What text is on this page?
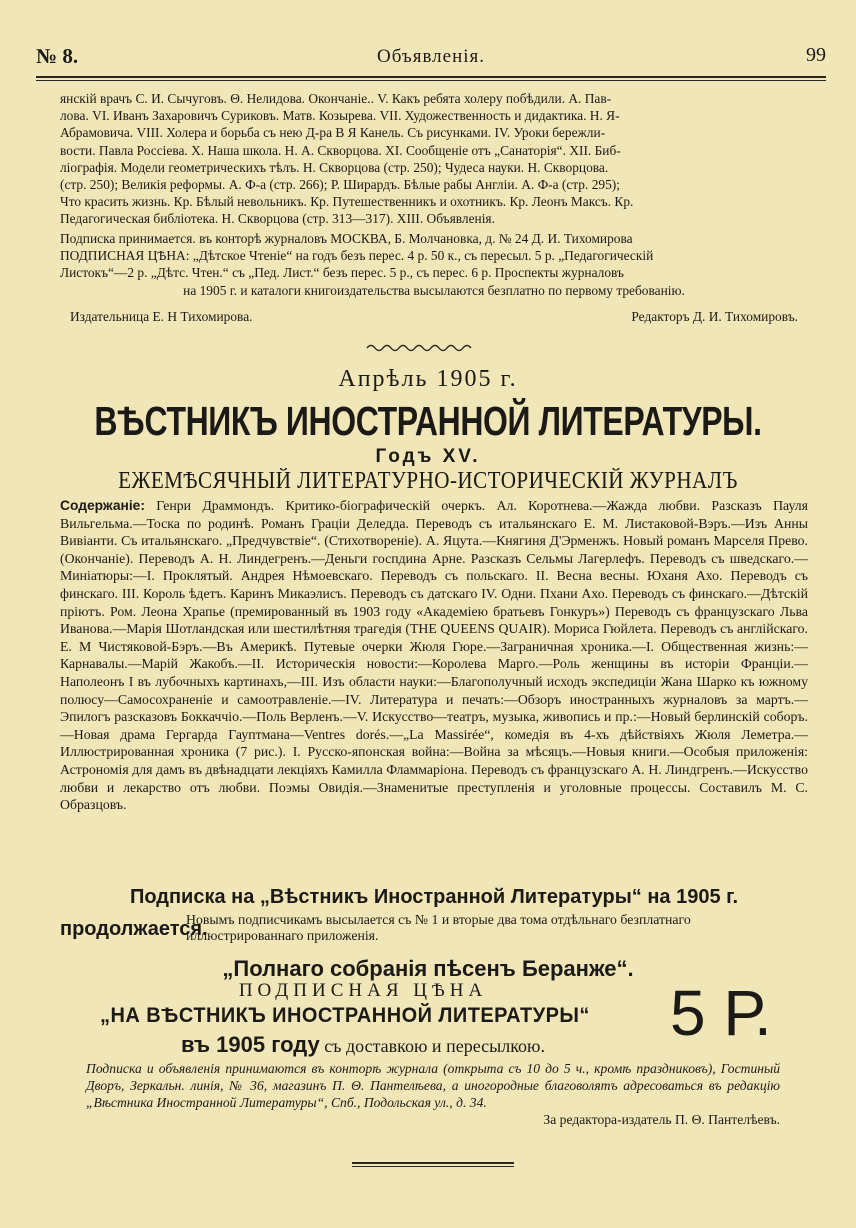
№ 8.	Объявленія.	99
янскій врачъ С. И. Сычуговъ. Θ. Нелидова. Окончаніе.. V. Какъ ребята холеру побѣдили. А. Пав-
лова. VI. Иванъ Захаровичъ Суриковъ. Матв. Козырева. VII. Художественность и дидактика. Н. Я-
Абрамовича. VIII. Холера и борьба съ нею Д-ра В Я Канель. Съ рисунками. IV. Уроки бережли-
вости. Павла Россіева. Х. Наша школа. Н. А. Скворцова. XI. Сообщеніе отъ „Санаторія“. XII. Биб-
ліографія. Модели геометрическихъ тѣлъ. Н. Скворцова (стр. 250); Чудеса науки. Н. Скворцова.
(стр. 250); Великія реформы. А. Ф-а (стр. 266); Р. Ширардъ. Бѣлые рабы Англіи. А. Ф-а (стр. 295);
Что красить жизнь. Кр. Бѣлый невольникъ. Кр. Путешественникъ и охотникъ. Кр. Леонъ Максъ. Кр.
Педагогическая библіотека. Н. Скворцова (стр. 313—317). XIII. Объявленія.
Подписка принимается. въ конторѣ журналовъ МОСКВА, Б. Молчановка, д. № 24 Д. И. Тихомирова
ПОДПИСНАЯ ЦѢНА: „Дѣтское Чтеніе“ на годъ безъ перес. 4 р. 50 к., съ пересыл. 5 р. „Педагогическій
Листокъ“—2 р. „Дѣтс. Чтен.“ съ „Пед. Лист.“ безъ перес. 5 р., съ перес. 6 р. Проспекты журналовъ
на 1905 г. и каталоги книгоиздательства высылаются безплатно по первому требованію.
Издательница Е. Н Тихомирова.	Редакторъ Д. И. Тихомировъ.
Апрѣль 1905 г.
ВѢСТНИКЪ ИНОСТРАННОЙ ЛИТЕРАТУРЫ.
Годъ XV.
ЕЖЕМѢСЯЧНЫЙ ЛИТЕРАТУРНО-ИСТОРИЧЕСКІЙ ЖУРНАЛЪ
Содержаніе: Генри Драммондъ. Критико-біографическій очеркъ. Ал. Коротнева.—Жажда любви. Разсказъ Пауля Вильгельма.—Тоска по родинѣ. Романъ Граціи Деледда. Переводъ съ итальянскаго Е. М. Листаковой-Вэръ.—Изъ Анны Вивіанти. Съ итальянскаго. „Предчувствіе“. (Стихотвореніе). А. Яцута.—Княгиня Д'Эрменжъ. Новый романъ Марселя Прево. (Окончаніе). Переводъ А. Н. Линдегренъ.—Деньги госпдина Арне. Разсказъ Сельмы Лагерлефъ. Переводъ съ шведскаго.—Миніатюры:—I. Проклятый. Андрея Нѣмоевскаго. Переводъ съ польскаго. II. Весна весны. Юханя Ахо. Переводъ съ финскаго. III. Король ѣдетъ. Каринъ Микаэлисъ. Переводъ съ датскаго IV. Одни. Пхани Ахо. Переводъ съ финскаго.—Дѣтскій пріютъ. Ром. Леона Храпье (премированный въ 1903 году «Академіею братьевъ Гонкуръ») Переводъ съ французскаго Льва Иванова.—Марія Шотландская или шестилѣтняя трагедія (THE QUEENS QUAIR). Мориса Гюйлета. Переводъ съ англійскаго. Е. М Чистяковой-Бэръ.—Въ Америкѣ. Путевые очерки Жюля Гюре.—Заграничная хроника.—I. Общественная жизнь:—Карнавалы.—Марій Жакобъ.—II. Историческія новости:—Королева Марго.—Роль женщины въ исторіи Франціи.—Наполеонъ I въ лубочныхъ картинахъ,—III. Изъ области науки:—Благополучный исходъ экспедиціи Жана Шарко къ южному полюсу—Самосохраненіе и самоотравленіе.—IV. Литература и печать:—Обзоръ иностранныхъ журналовъ за мартъ.—Эпилогъ разсказовъ Боккаччіо.—Поль Верленъ.—V. Искусство—театръ, музыка, живопись и пр.:—Новый берлинскій соборъ.—Новая драма Гергарда Гауптмана—Ventres dorés.—„La Massirée“, комедія въ 4-хъ дѣйствіяхъ Жюля Леметра.—Иллюстрированная хроника (7 рис.). I. Русско-японская война:—Война за мѣсяцъ.—Новыя книги.—Особыя приложенія: Астрономія для дамъ въ двѣнадцати лекціяхъ Камилла Фламмаріона. Переводъ съ французскаго А. Н. Линдгренъ.—Искусство любви и лекарство отъ любви. Поэмы Овидія.—Знаменитые преступленія и уголовные процессы. Составилъ М. С. Образцовъ.
Подписка на „Вѣстникъ Иностранной Литературы“ на 1905 г.
продолжается.
Новымъ подписчикамъ высылается съ № 1 и вторые два тома отдѣльнаго безплатнаго иллюстрированнаго приложенія.
„Полнаго собранія пѣсенъ Беранже“.
ПОДПИСНАЯ ЦѢНА
„НА ВѢСТНИКЪ ИНОСТРАННОЙ ЛИТЕРАТУРЫ“ 5 Р.
въ 1905 году съ доставкою и пересылкою.
Подписка и объявленія принимаются въ конторѣ журнала (открыта съ 10 до 5 ч., кромѣ праздниковъ), Гостиный Дворъ, Зеркальн. линія, № 36, магазинъ П. Θ. Пантелѣева, а иногородные благоволятъ адресоваться въ редакцію „Вѣстника Иностранной Литературы“, Спб., Подольская ул., д. 34.
За редактора-издатель П. Θ. Пантелѣевъ.
